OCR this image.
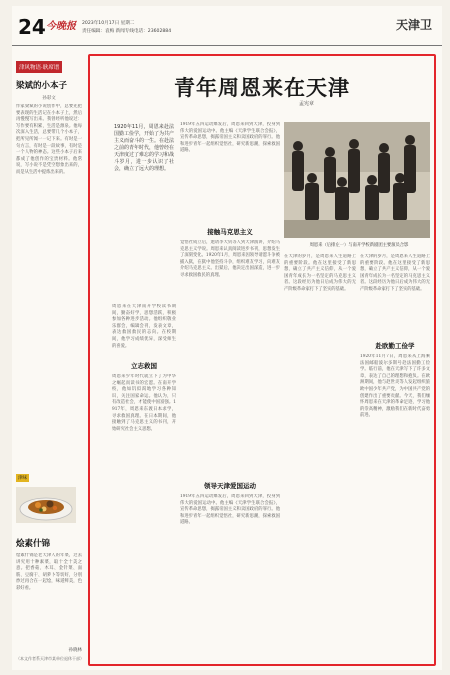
24 今晚报 2023年10月17日 星期二
责任编辑：袁梅 新闻专线电话：23602884	天津卫
津风物语·耿席谱
梁斌的小本子
孙彩文
作家梁斌的小说创作中，总要先把要表现的生活记在小本子上，然后再慢慢写出来。我曾经听他说过：写作要有积累，生活是源泉。他每次深入生活，总要带几个小本子，把所见所闻一一记下来。有时是一句方言，有时是一段故事，有时是一个人物的神态。这些小本子后来都成了他创作的宝贵材料。他常说，写小说不是凭空想象出来的，而是从生活中提炼出来的。
津味
烩素什锦
烩素什锦是老天津人的年菜，过去讲究用十种素菜，取十全十美之意。把香菇、木耳、金针菜、面筋、豆腐干、胡萝卜等切好，分别炒过再合在一起烩，味道鲜美，色彩好看。
孙晓林
（本文作者系天津市某单位退休干部）
青年周恩来在天津
孟宪章
1920年11月，周恩来赴法国勤工俭学，开始了为共产主义而奋斗的一生。在赴法之前的青年时代，他曾经在天津度过了难忘的学习和战斗岁月，进一步认识了社会，确立了远大的理想。
周恩来在天津南开学校读书期间，勤奋好学，思想活跃，积极参加各种进步活动。他组织敬业乐群会，编辑会刊，发表文章，表达救国救民的志向。在校期间，他学习成绩优异，深受师生的喜爱。
立志救国
周恩来少年时代就立下了为中华之崛起而读书的宏愿。在南开学校，他如饥似渴地学习各种知识，关注国家命运。他认为，只有改造社会，才能使中国富强。1917年，周恩来东渡日本求学，寻求救国真理。在日本期间，他接触到了马克思主义的书刊，开始研究社会主义思想。
1919年五四运动爆发后，周恩来回到天津，投身到伟大的爱国运动中。他主编《天津学生联合会报》，宣传革命思想，揭露帝国主义和卖国政府的罪行。他和进步青年一起组织觉悟社，研究新思潮，探索救国道路。
接触马克思主义
觉悟社成立后，邀请李大钊等人到天津演讲，介绍马克思主义学说。周恩来认真阅读进步书刊，思想发生了深刻变化。1920年1月，周恩来因领导请愿斗争被捕入狱，在狱中他坚持斗争，组织难友学习，向难友介绍马克思主义。出狱后，他决定出国深造，进一步寻求救国救民的真理。
领导天津爱国运动
1919年五四运动爆发后，周恩来回到天津，投身到伟大的爱国运动中。他主编《天津学生联合会报》，宣传革命思想，揭露帝国主义和卖国政府的罪行。他和进步青年一起组织觉悟社，研究新思潮，探索救国道路。
周恩来（后排左一）与南开学校新剧团主要演员合影
在天津的岁月，是周恩来人生道路上的重要阶段。他在这里接受了新思想，确立了共产主义信仰，从一个爱国青年成长为一名坚定的马克思主义者。这段经历为他日后成为伟大的无产阶级革命家打下了坚实的基础。
在天津的岁月，是周恩来人生道路上的重要阶段。他在这里接受了新思想，确立了共产主义信仰，从一个爱国青年成长为一名坚定的马克思主义者。这段经历为他日后成为伟大的无产阶级革命家打下了坚实的基础。
赴欧勤工俭学
1920年11月7日，周恩来从上海乘法国邮船波尔多斯号赴法国勤工俭学。临行前，他在天津写下了许多文章，表达了自己的理想和抱负。在欧洲期间，他与赵世炎等人发起组织旅欧中国少年共产党，为中国共产党的创建作出了重要贡献。今天，我们缅怀周恩来在天津的革命足迹，学习他的崇高精神，激励我们在新时代奋勇前进。
